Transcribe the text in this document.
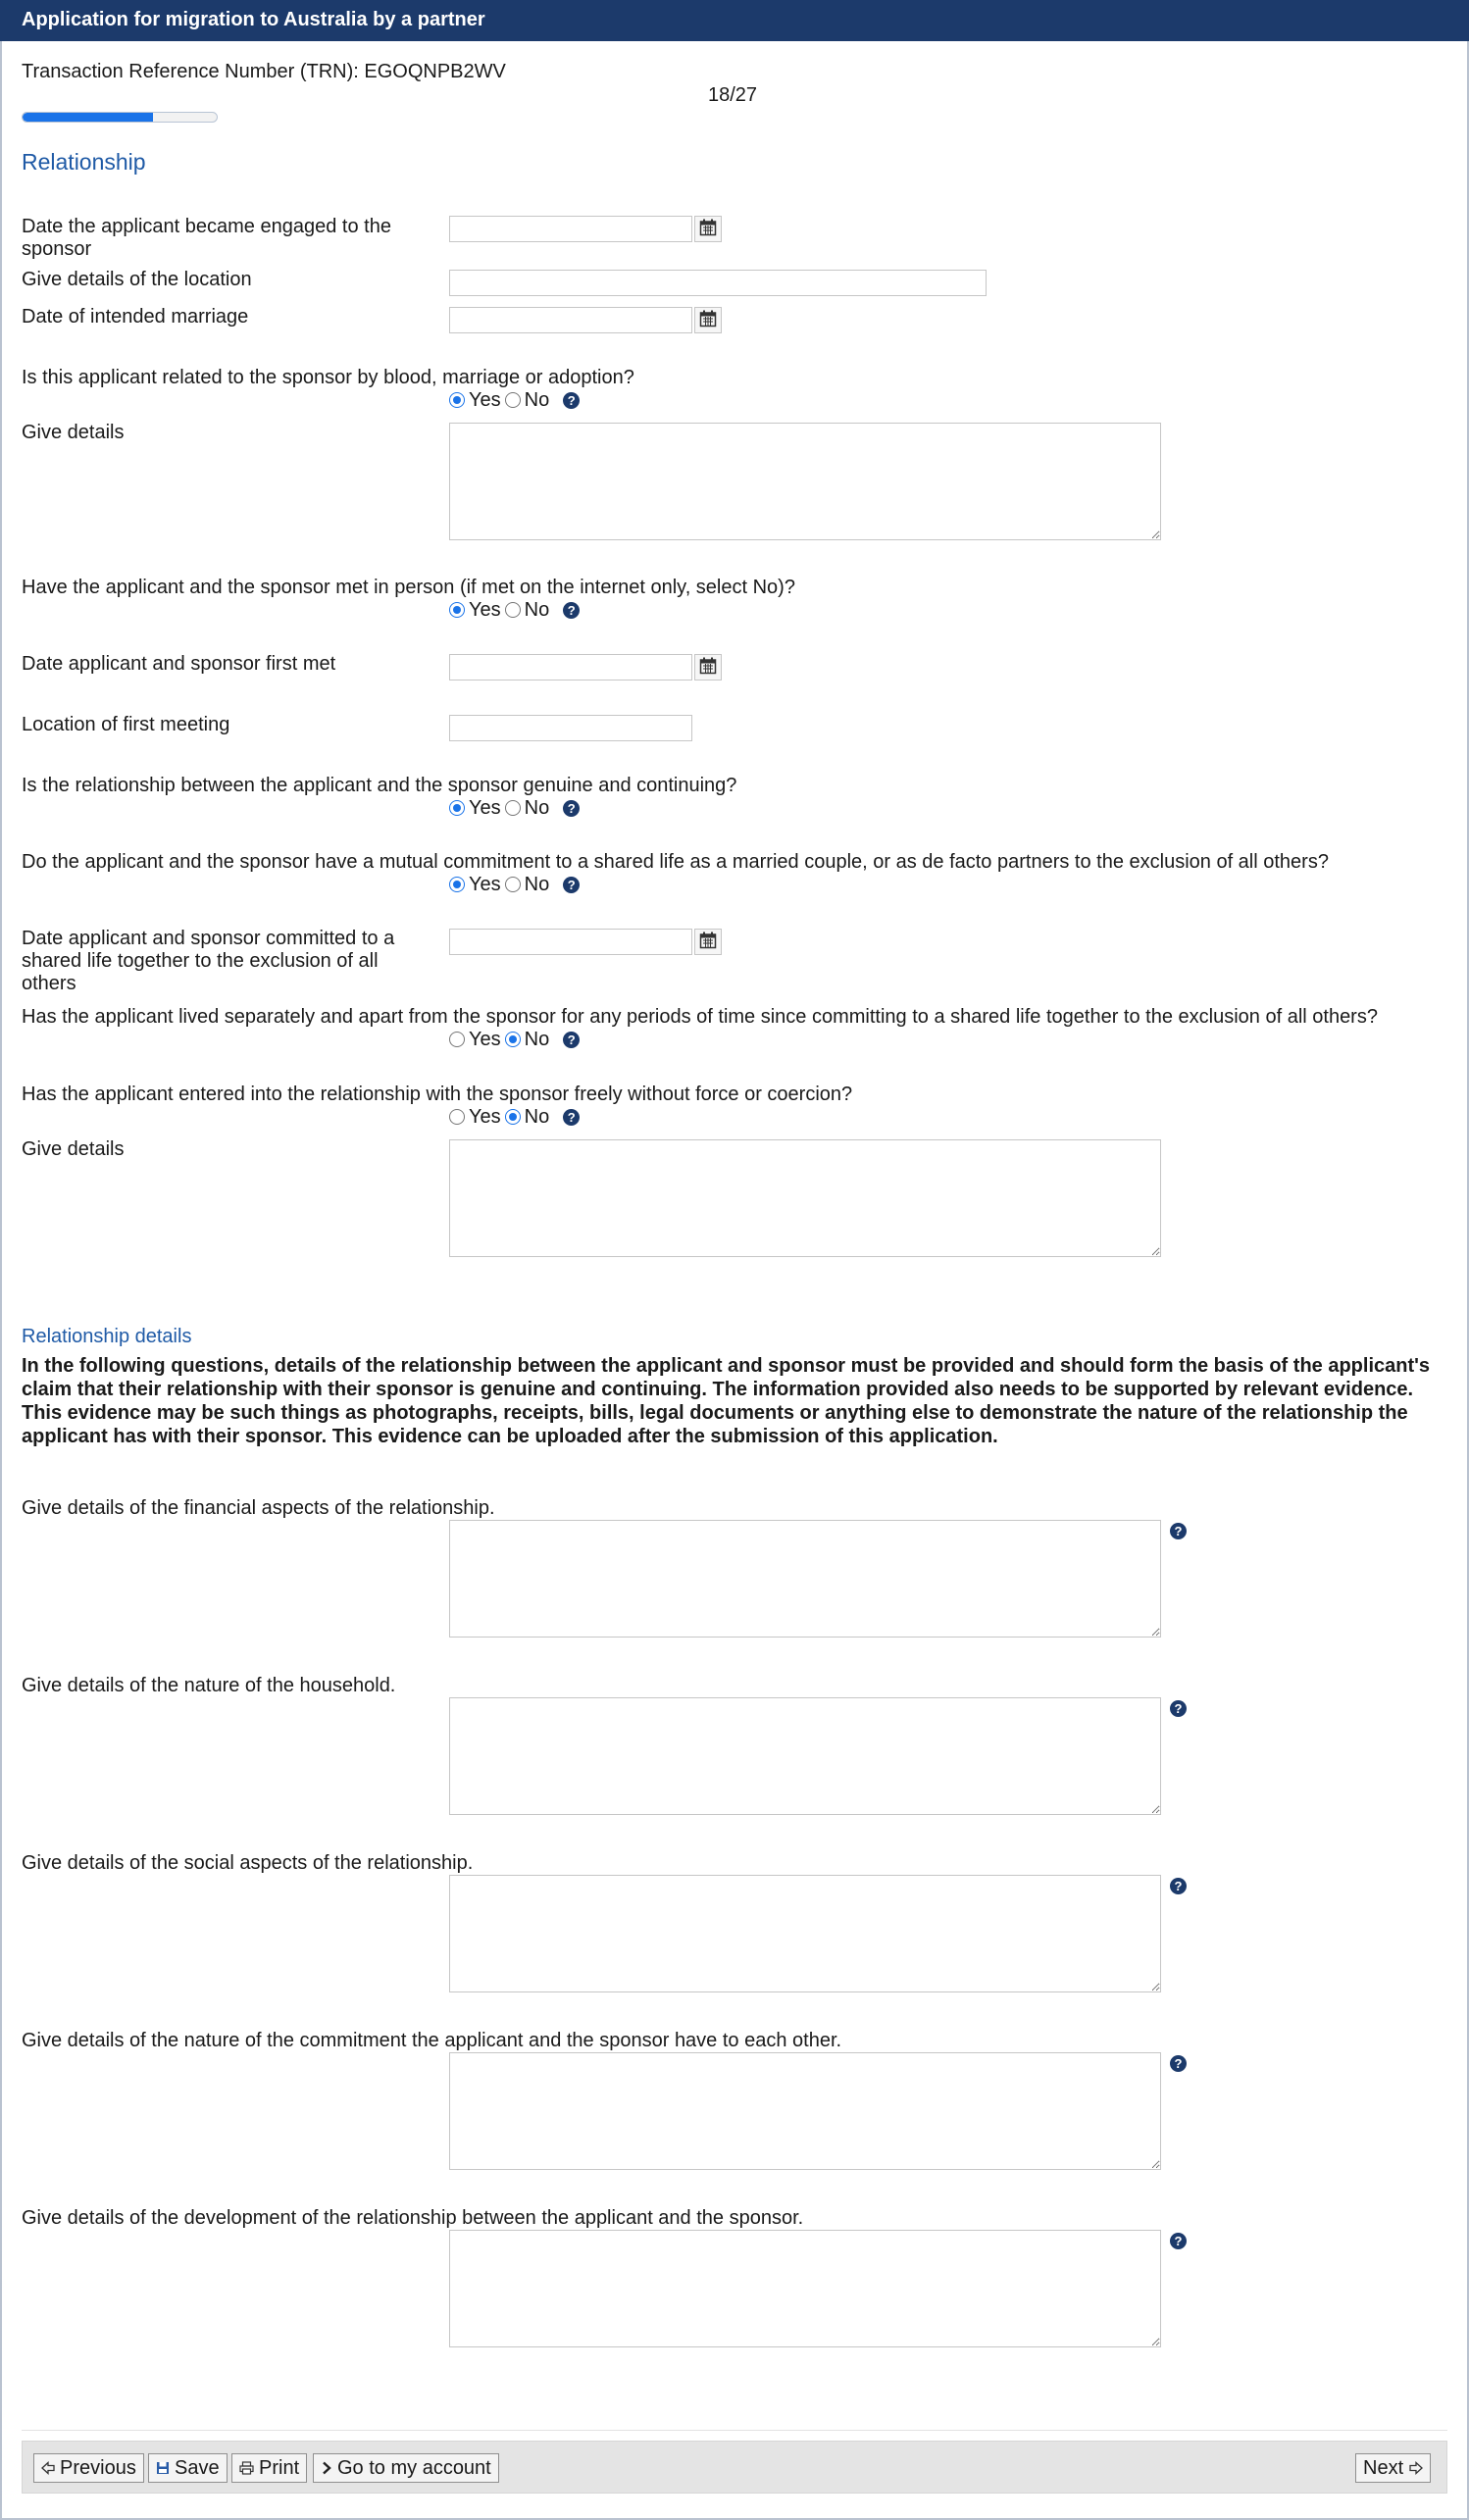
Application for migration to Australia by a partner
Transaction Reference Number (TRN): EGOQNPB2WV
18/27
Relationship
Date the applicant became engaged to the sponsor
Give details of the location
Date of intended marriage
Is this applicant related to the sponsor by blood, marriage or adoption?
Yes No	?
Give details
Have the applicant and the sponsor met in person (if met on the internet only, select No)?
Yes No	?
Date applicant and sponsor first met
Location of first meeting
Is the relationship between the applicant and the sponsor genuine and continuing?
Yes No	?
Do the applicant and the sponsor have a mutual commitment to a shared life as a married couple, or as de facto partners to the exclusion of all others?
Yes No	?
Date applicant and sponsor committed to a shared life together to the exclusion of all others
Has the applicant lived separately and apart from the sponsor for any periods of time since committing to a shared life together to the exclusion of all others?
Yes No	?
Has the applicant entered into the relationship with the sponsor freely without force or coercion?
Yes No	?
Give details
Relationship details
In the following questions, details of the relationship between the applicant and sponsor must be provided and should form the basis of the applicant's claim that their relationship with their sponsor is genuine and continuing. The information provided also needs to be supported by relevant evidence. This evidence may be such things as photographs, receipts, bills, legal documents or anything else to demonstrate the nature of the relationship the applicant has with their sponsor. This evidence can be uploaded after the submission of this application.
Give details of the financial aspects of the relationship.
?
Give details of the nature of the household.
?
Give details of the social aspects of the relationship.
?
Give details of the nature of the commitment the applicant and the sponsor have to each other.
?
Give details of the development of the relationship between the applicant and the sponsor.
?
Previous Save Print Go to my account	Next
